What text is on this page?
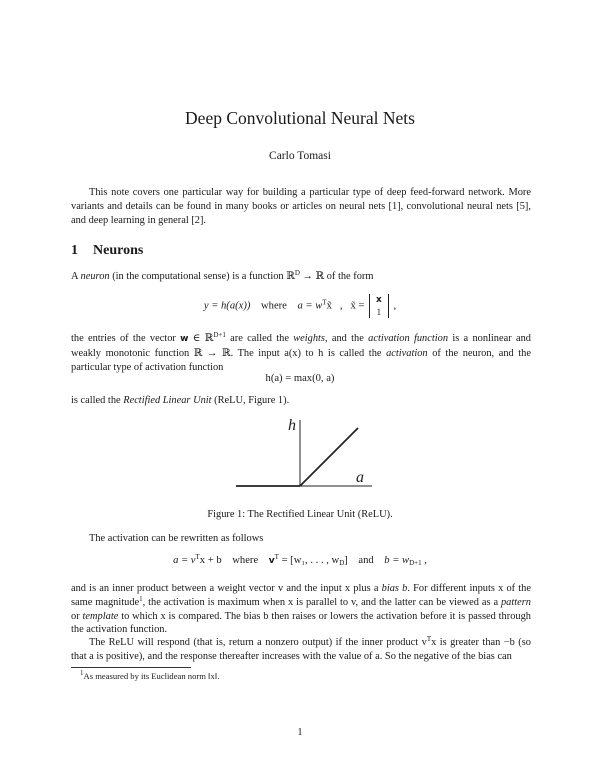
Deep Convolutional Neural Nets
Carlo Tomasi
This note covers one particular way for building a particular type of deep feed-forward network. More variants and details can be found in many books or articles on neural nets [1], convolutional neural nets [5], and deep learning in general [2].
1 Neurons
A neuron (in the computational sense) is a function ℝ$^D$ → ℝ of the form
y = h(a(x)) where $a = w^Tx̃$ , x̃ =
x
1
,
the entries of the vector w ∈ ℝ$^{D+1}$ are called the weights, and the activation function is a nonlinear and weakly monotonic function ℝ → ℝ. The input a(x) to h is called the activation of the neuron, and the particular type of activation function
h(a) = max(0, a)
is called the Rectified Linear Unit (ReLU, Figure 1).
h
a
Figure 1: The Rectified Linear Unit (ReLU).
The activation can be rewritten as follows
$a = v^Tx + b$ where $v^T = [w_1$, . . . , $w_D$] and $b = w_{D+1}$ ,
and is an inner product between a weight vector v and the input x plus a bias b. For different inputs x of the same magnitude$^1$, the activation is maximum when x is parallel to v, and the latter can be viewed as a pattern or template to which x is compared. The bias b then raises or lowers the activation before it is passed through the activation function.
The ReLU will respond (that is, return a nonzero output) if the inner product $v^Tx$ is greater than −b (so that a is positive), and the response thereafter increases with the value of a. So the negative of the bias can
$^1$As measured by its Euclidean norm ‖x‖.
1
